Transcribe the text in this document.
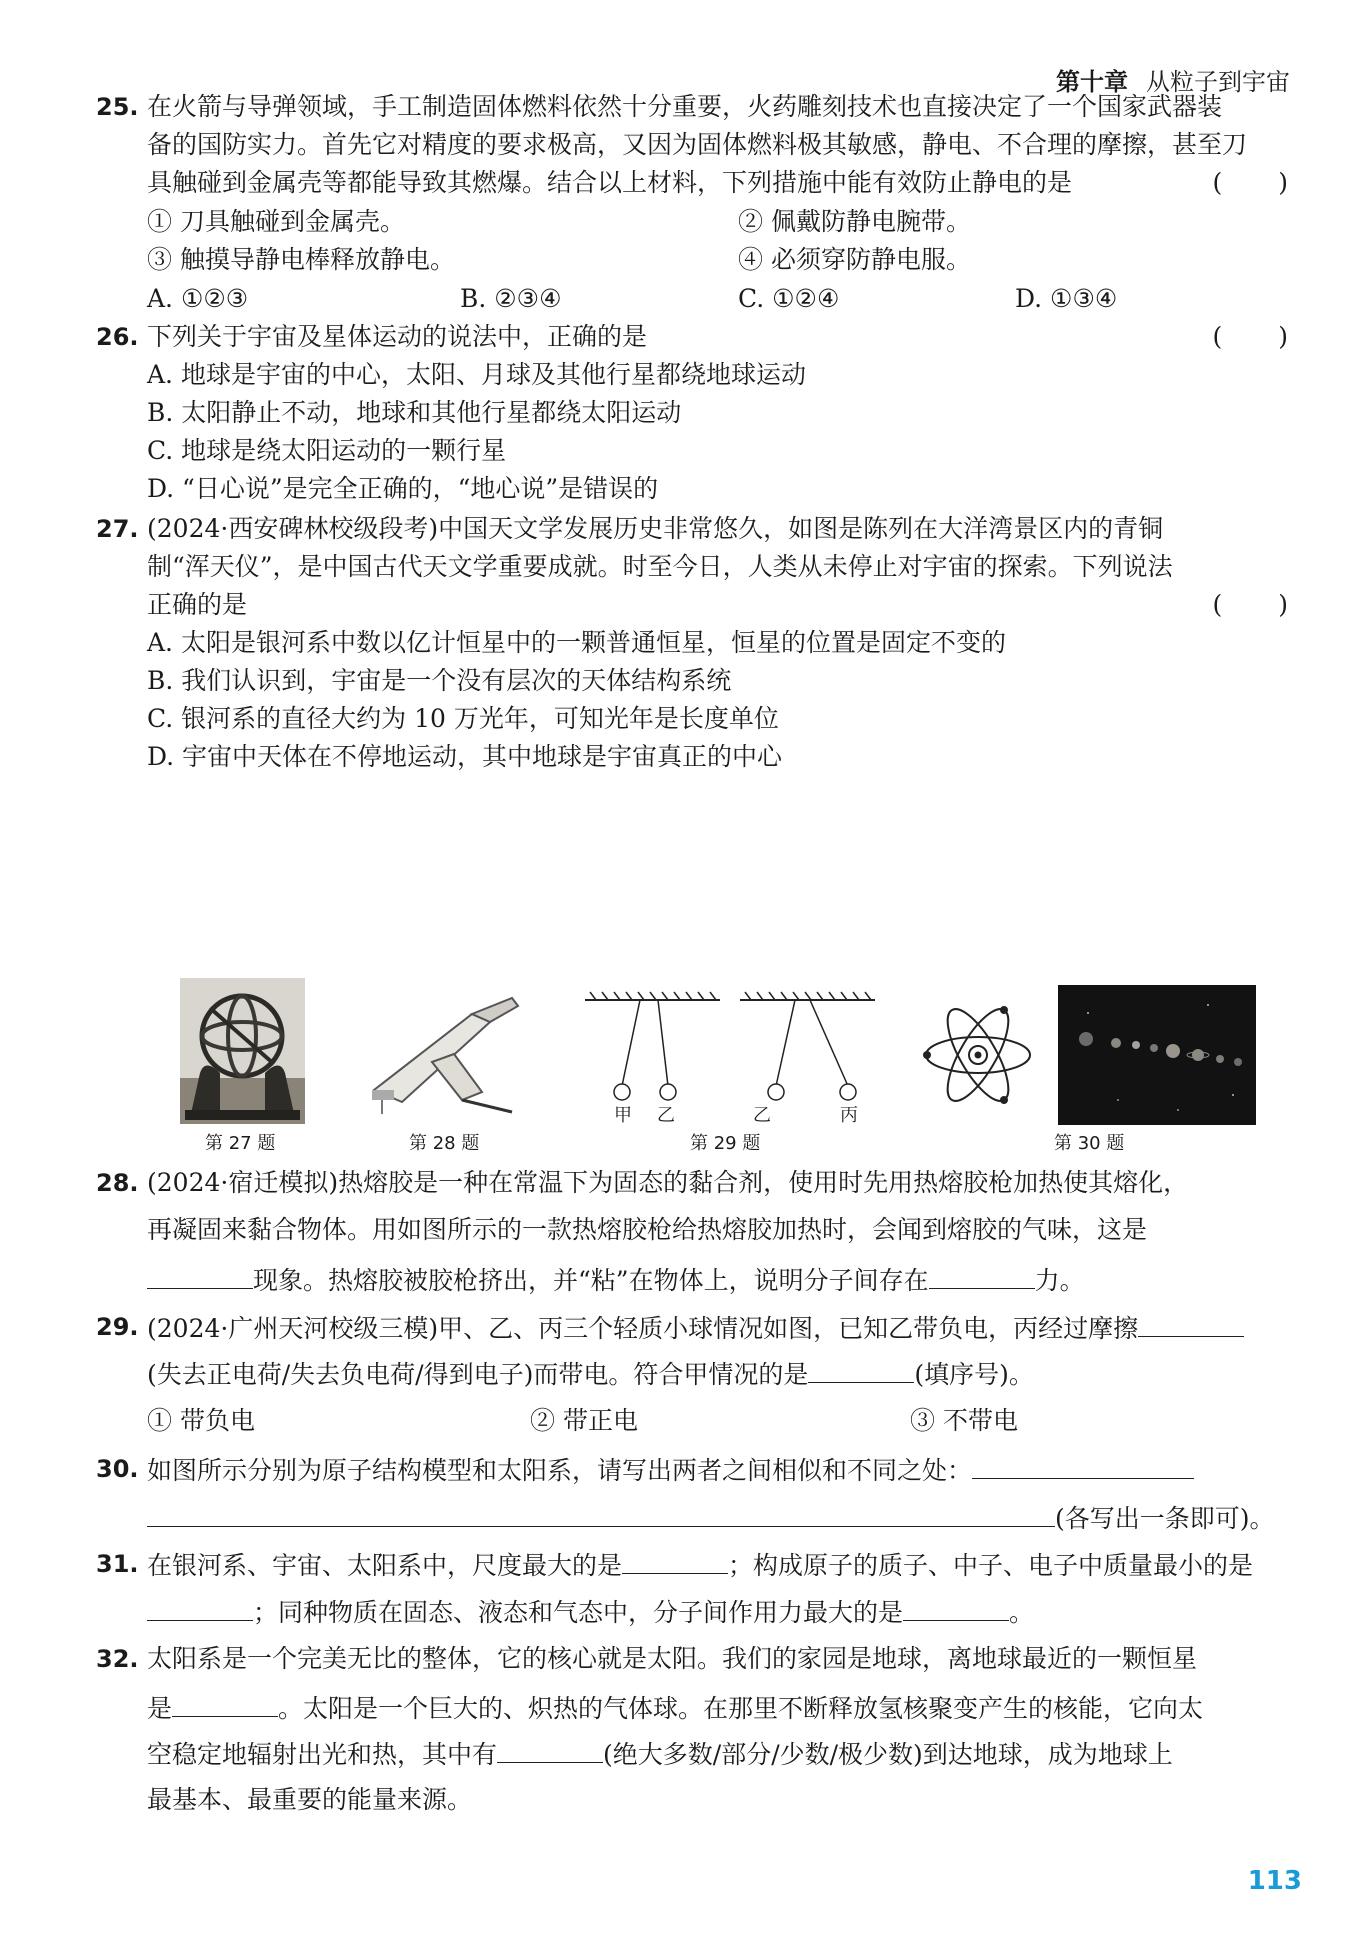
第十章 从粒子到宇宙
25. 在火箭与导弹领域，手工制造固体燃料依然十分重要，火药雕刻技术也直接决定了一个国家武器装
备的国防实力。首先它对精度的要求极高，又因为固体燃料极其敏感，静电、不合理的摩擦，甚至刀
具触碰到金属壳等都能导致其燃爆。结合以上材料，下列措施中能有效防止静电的是	(　　)
① 刀具触碰到金属壳。	② 佩戴防静电腕带。
③ 触摸导静电棒释放静电。	④ 必须穿防静电服。
A. ①②③	B. ②③④	C. ①②④	D. ①③④
26. 下列关于宇宙及星体运动的说法中，正确的是	(　　)
A. 地球是宇宙的中心，太阳、月球及其他行星都绕地球运动
B. 太阳静止不动，地球和其他行星都绕太阳运动
C. 地球是绕太阳运动的一颗行星
D. “日心说”是完全正确的，“地心说”是错误的
27. (2024·西安碑林校级段考)中国天文学发展历史非常悠久，如图是陈列在大洋湾景区内的青铜
制“浑天仪”，是中国古代天文学重要成就。时至今日，人类从未停止对宇宙的探索。下列说法
正确的是	(　　)
A. 太阳是银河系中数以亿计恒星中的一颗普通恒星，恒星的位置是固定不变的
B. 我们认识到，宇宙是一个没有层次的天体结构系统
C. 银河系的直径大约为 10 万光年，可知光年是长度单位
D. 宇宙中天体在不停地运动，其中地球是宇宙真正的中心
甲 乙	乙	丙
第 27 题	第 28 题	第 29 题	第 30 题
28. (2024·宿迁模拟)热熔胶是一种在常温下为固态的黏合剂，使用时先用热熔胶枪加热使其熔化，
再凝固来黏合物体。用如图所示的一款热熔胶枪给热熔胶加热时，会闻到熔胶的气味，这是
现象。热熔胶被胶枪挤出，并“粘”在物体上，说明分子间存在	力。
29. (2024·广州天河校级三模)甲、乙、丙三个轻质小球情况如图，已知乙带负电，丙经过摩擦
(失去正电荷/失去负电荷/得到电子)而带电。符合甲情况的是	(填序号)。
① 带负电	② 带正电	③ 不带电
30. 如图所示分别为原子结构模型和太阳系，请写出两者之间相似和不同之处：
(各写出一条即可)。
31. 在银河系、宇宙、太阳系中，尺度最大的是	；构成原子的质子、中子、电子中质量最小的是
；同种物质在固态、液态和气态中，分子间作用力最大的是	。
32. 太阳系是一个完美无比的整体，它的核心就是太阳。我们的家园是地球，离地球最近的一颗恒星
是	。太阳是一个巨大的、炽热的气体球。在那里不断释放氢核聚变产生的核能，它向太
空稳定地辐射出光和热，其中有	(绝大多数/部分/少数/极少数)到达地球，成为地球上
最基本、最重要的能量来源。
113
